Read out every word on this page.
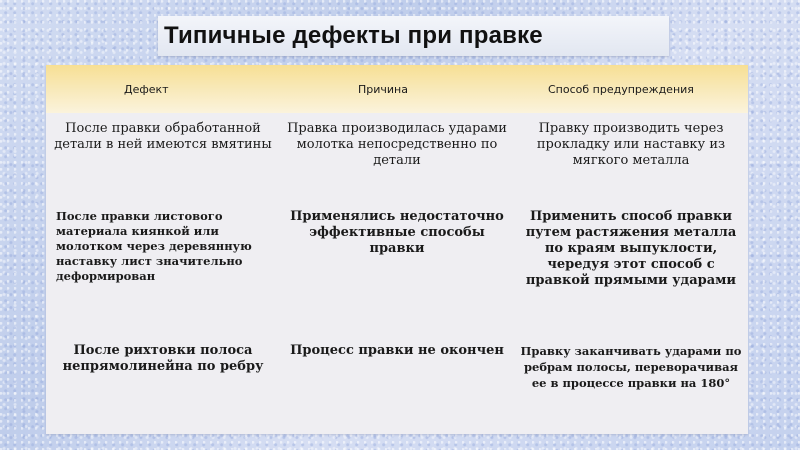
Типичные дефекты при правке
Дефект	Причина	Способ предупреждения
После правки обработанной детали в ней имеются вмятины	Правка производилась ударами молотка непосредственно по детали	Правку производить через прокладку или наставку из мягкого металла
После правки листового материала киянкой или молотком через деревянную наставку лист значительно деформирован	Применялись недостаточно эффективные способы правки	Применить способ правки путем растяжения металла по краям выпуклости, чередуя этот способ с правкой прямыми ударами
После рихтовки полоса непрямолинейна по ребру	Процесс правки не окончен	Правку заканчивать ударами по ребрам полосы, переворачивая ее в процессе правки на 180°
